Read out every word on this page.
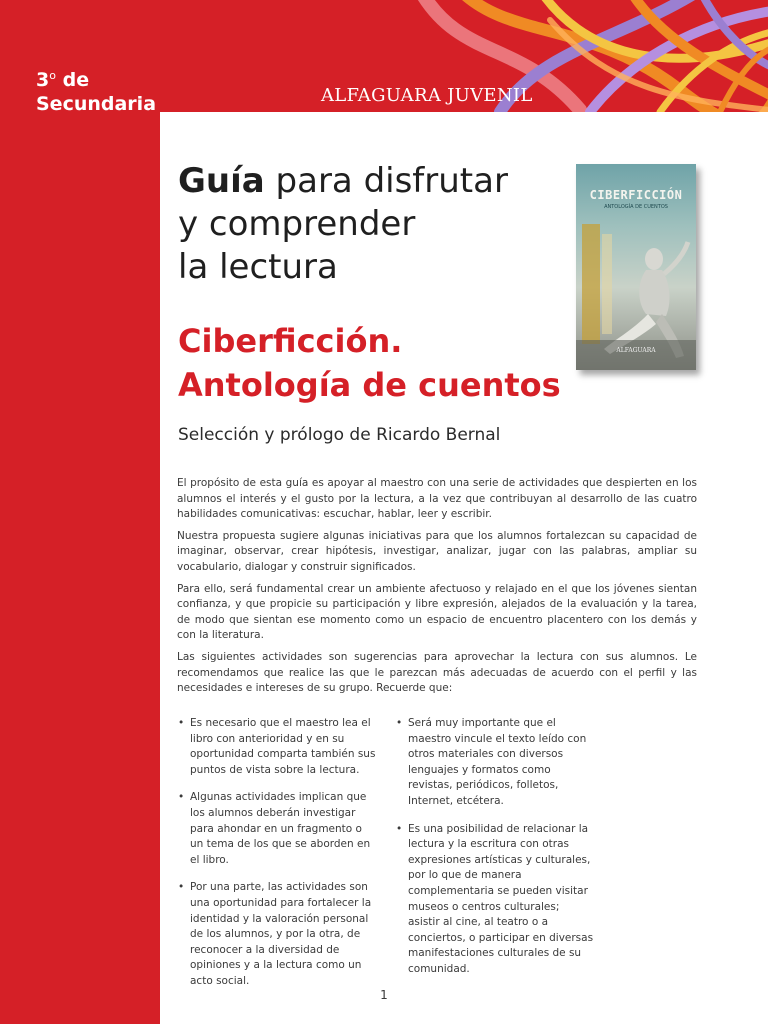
3$^o$ de
Secundaria	ALFAGUARA JUVENIL
Guía para disfrutar
y comprender
la lectura
CIBERFICCIÓN
ANTOLOGÍA DE CUENTOS
ALFAGUARA
Ciberficción.
Antología de cuentos
Selección y prólogo de Ricardo Bernal

El propósito de esta guía es apoyar al maestro con una serie de actividades que despierten en los alumnos el interés y el gusto por la lectura, a la vez que contribuyan al desarrollo de las cuatro habilidades comunicativas: escuchar, hablar, leer y escribir.

Nuestra propuesta sugiere algunas iniciativas para que los alumnos fortalezcan su capacidad de imaginar, observar, crear hipótesis, investigar, analizar, jugar con las palabras, ampliar su vocabulario, dialogar y construir significados.

Para ello, será fundamental crear un ambiente afectuoso y relajado en el que los jóvenes sientan confianza, y que propicie su participación y libre expresión, alejados de la evaluación y la tarea, de modo que sientan ese momento como un espacio de encuentro placentero con los demás y con la literatura.

Las siguientes actividades son sugerencias para aprovechar la lectura con sus alumnos. Le recomendamos que realice las que le parezcan más adecuadas de acuerdo con el perfil y las necesidades e intereses de su grupo. Recuerde que:

• Es necesario que el maestro lea el libro con anterioridad y en su oportunidad comparta también sus puntos de vista sobre la lectura.
• Algunas actividades implican que los alumnos deberán investigar para ahondar en un fragmento o un tema de los que se aborden en el libro.
• Por una parte, las actividades son una oportunidad para fortalecer la identidad y la valoración personal de los alumnos, y por la otra, de reconocer a la diversidad de opiniones y a la lectura como un acto social.
• Será muy importante que el maestro vincule el texto leído con otros materiales con diversos lenguajes y formatos como revistas, periódicos, folletos, Internet, etcétera.
• Es una posibilidad de relacionar la lectura y la escritura con otras expresiones artísticas y culturales, por lo que de manera complementaria se pueden visitar museos o centros culturales; asistir al cine, al teatro o a conciertos, o participar en diversas manifestaciones culturales de su comunidad.
1
